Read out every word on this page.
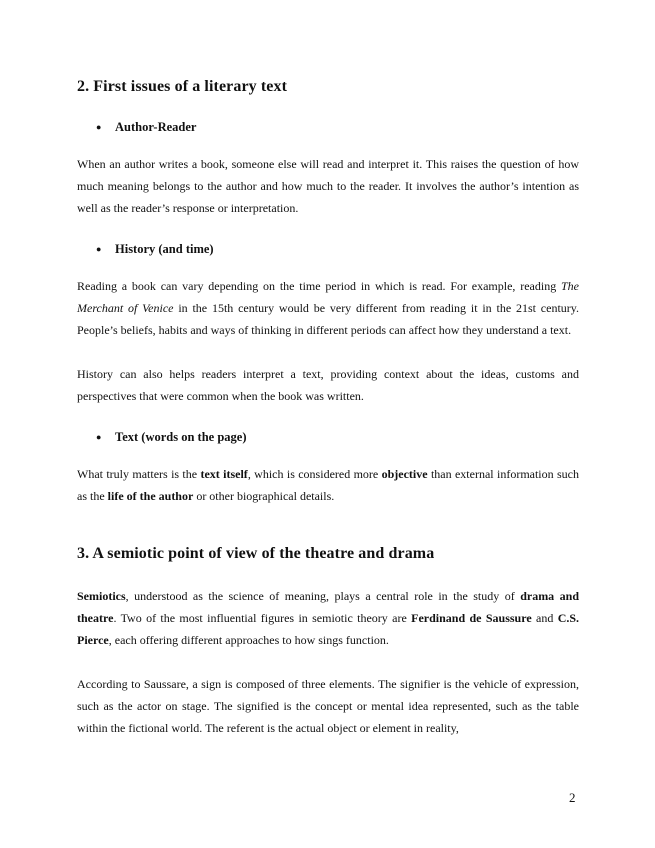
2. First issues of a literary text
● Author-Reader

When an author writes a book, someone else will read and interpret it. This raises the question of how much meaning belongs to the author and how much to the reader. It involves the author’s intention as well as the reader’s response or interpretation.

● History (and time)

Reading a book can vary depending on the time period in which is read. For example, reading The Merchant of Venice in the 15th century would be very different from reading it in the 21st century. People’s beliefs, habits and ways of thinking in different periods can affect how they understand a text.

History can also helps readers interpret a text, providing context about the ideas, customs and perspectives that were common when the book was written.

● Text (words on the page)

What truly matters is the text itself, which is considered more objective than external information such as the life of the author or other biographical details.

3. A semiotic point of view of the theatre and drama

Semiotics, understood as the science of meaning, plays a central role in the study of drama and theatre. Two of the most influential figures in semiotic theory are Ferdinand de Saussure and C.S. Pierce, each offering different approaches to how sings function.

According to Saussare, a sign is composed of three elements. The signifier is the vehicle of expression, such as the actor on stage. The signified is the concept or mental idea represented, such as the table within the fictional world. The referent is the actual object or element in reality,

2
